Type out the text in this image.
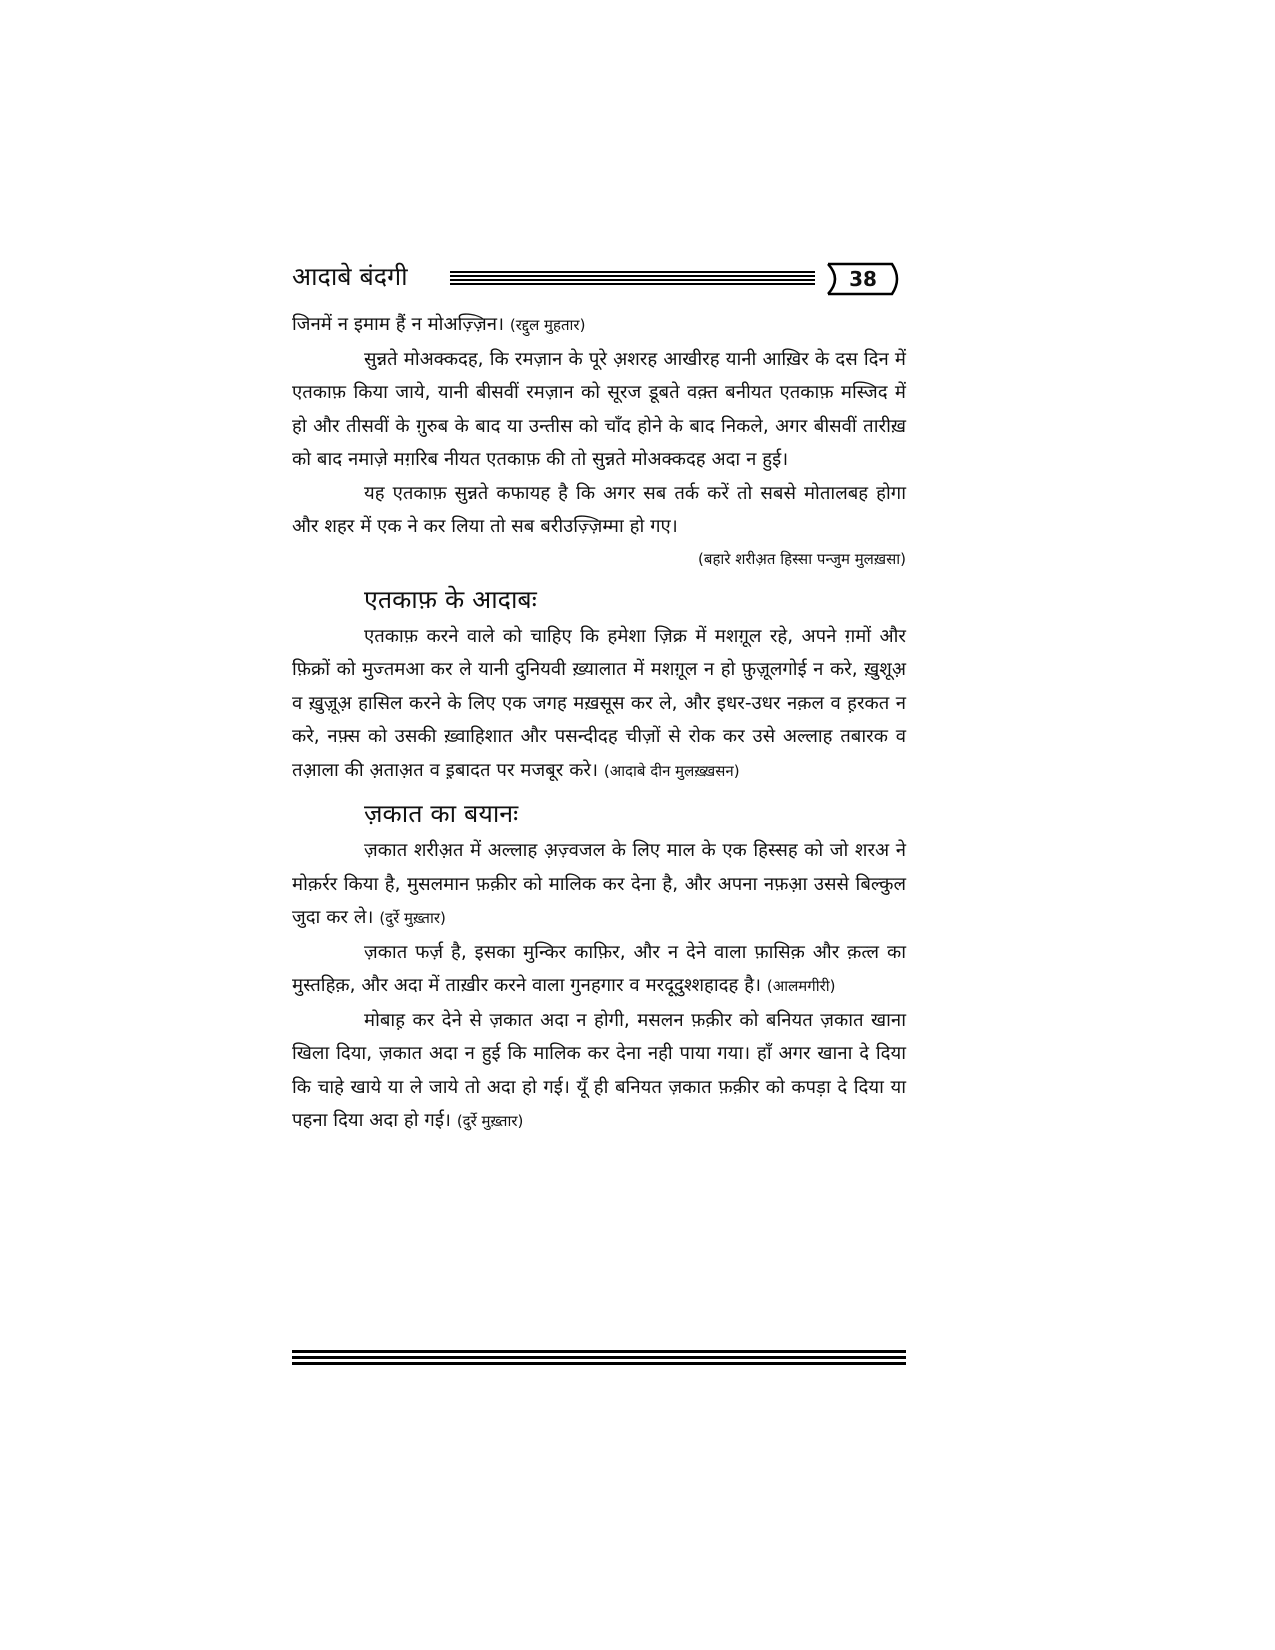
आदाबे बंदगी	38

जिनमें न इमाम हैं न मोअज़्ज़िन। (रद्दुल मुहतार)

सुन्नते मोअक्कदह, कि रमज़ान के पूरे अ़शरह आखीरह यानी आख़िर के दस दिन में एतकाफ़ किया जाये, यानी बीसवीं रमज़ान को सूरज डूबते वक़्त बनीयत एतकाफ़ मस्जिद में हो और तीसवीं के ग़ुरुब के बाद या उन्तीस को चाँद होने के बाद निकले, अगर बीसवीं तारीख़ को बाद नमाज़े मग़रिब नीयत एतकाफ़ की तो सुन्नते मोअक्कदह अदा न हुई।

यह एतकाफ़ सुन्नते कफायह है कि अगर सब तर्क करें तो सबसे मोतालबह होगा और शहर में एक ने कर लिया तो सब बरीउज़्ज़िम्मा हो गए।

(बहारे शरीअ़त हिस्सा पन्जुम मुलख़सा)

एतकाफ़ के आदाबः

एतकाफ़ करने वाले को चाहिए कि हमेशा ज़िक्र में मशग़ूल रहे, अपने ग़मों और फ़िक्रों को मुज्तमआ कर ले यानी दुनियवी ख़्यालात में मशग़ूल न हो फ़ुज़ूलगोई न करे, ख़ुशूअ़ व ख़ुज़ूअ़ हासिल करने के लिए एक जगह मख़सूस कर ले, और इधर-उधर नक़ल व ह़रकत न करे, नफ़्स को उसकी ख़्वाहिशात और पसन्दीदह चीज़ों से रोक कर उसे अल्लाह तबारक व तआ़ला की अ़ताअ़त व इ़बादत पर मजबूर करे। (आदाबे दीन मुलख़्ख़सन)

ज़कात का बयानः

ज़कात शरीअ़त में अल्लाह अ़ज़्वजल के लिए माल के एक हिस्सह को जो शरअ ने मोक़र्रर किया है, मुसलमान फ़क़ीर को मालिक कर देना है, और अपना नफ़आ़ उससे बिल्कुल जुदा कर ले। (दुर्रे मुख़्तार)

ज़कात फर्ज़ है, इसका मुन्किर काफ़िर, और न देने वाला फ़ासिक़ और क़त्ल का मुस्तहिक़, और अदा में ताख़ीर करने वाला गुनहगार व मरदूदुश्शहादह है। (आलमगीरी)

मोबाह़ कर देने से ज़कात अदा न होगी, मसलन फ़क़ीर को बनियत ज़कात खाना खिला दिया, ज़कात अदा न हुई कि मालिक कर देना नही पाया गया। हाँ अगर खाना दे दिया कि चाहे खाये या ले जाये तो अदा हो गई। यूँ ही बनियत ज़कात फ़क़ीर को कपड़ा दे दिया या पहना दिया अदा हो गई। (दुर्रे मुख़्तार)
